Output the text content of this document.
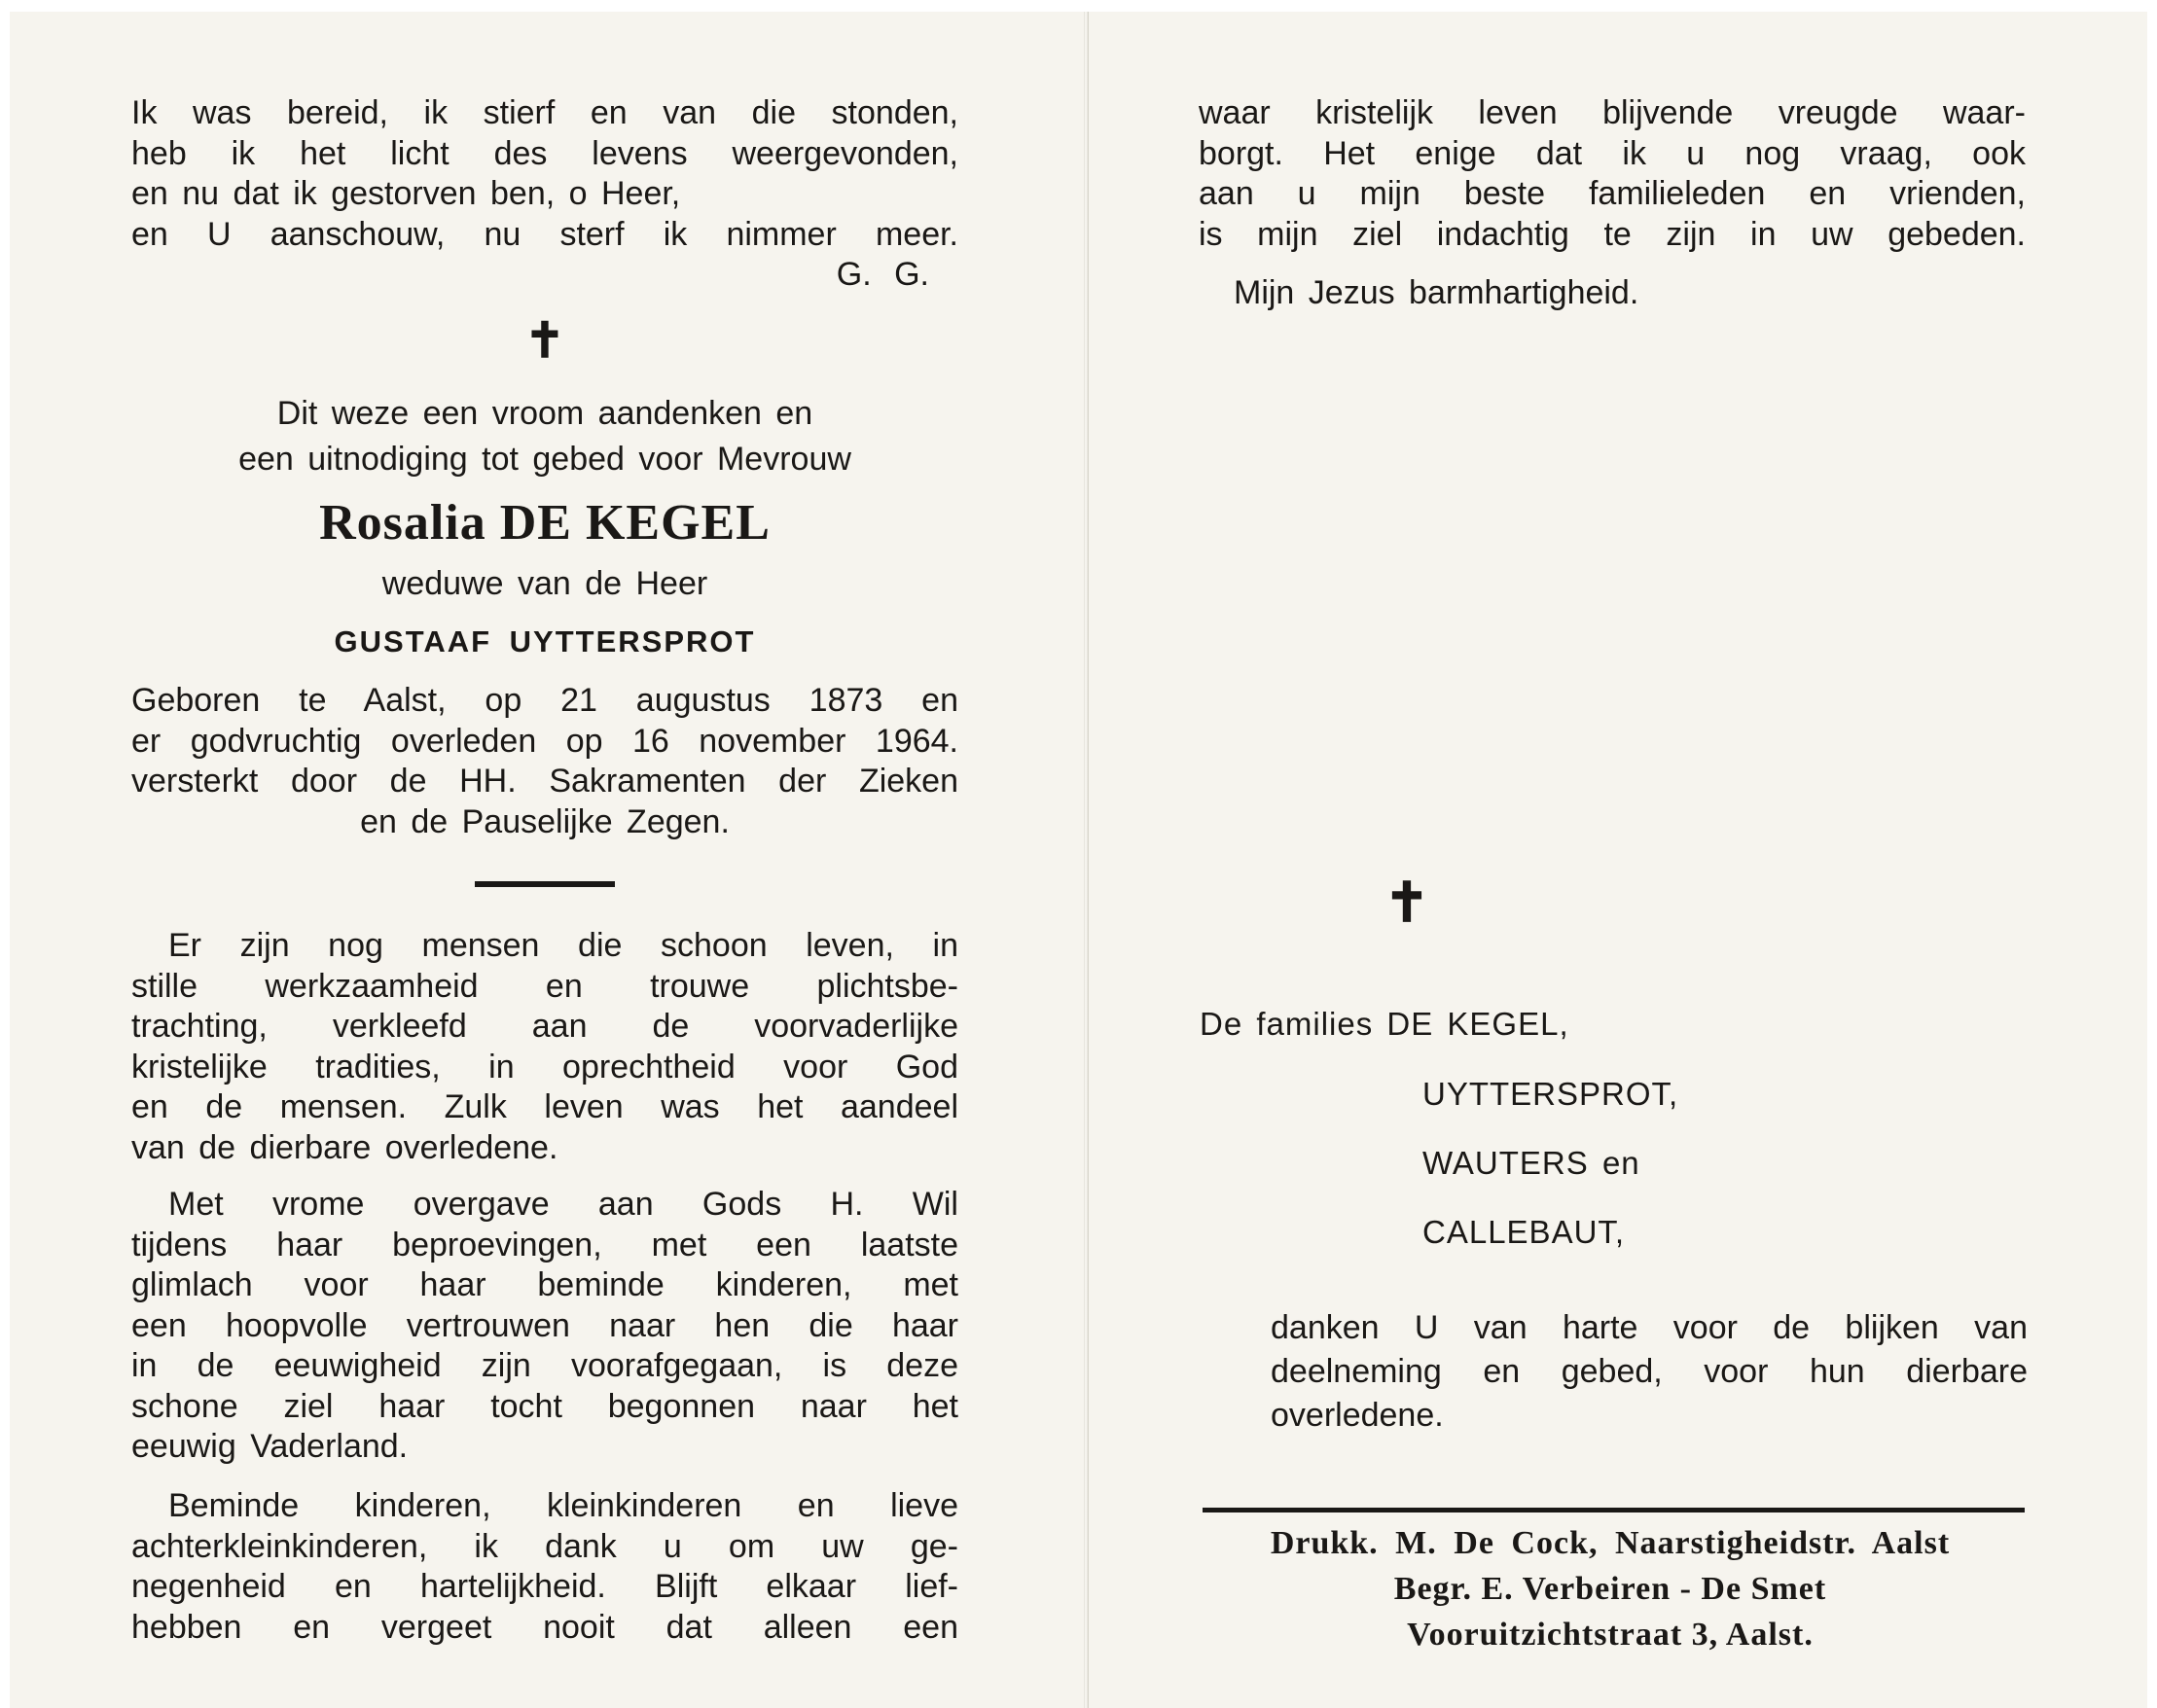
Ik was bereid, ik stierf en van die stonden,
heb ik het licht des levens weergevonden,
en nu dat ik gestorven ben, o Heer,
en U aanschouw, nu sterf ik nimmer meer.
G. G.
✝
Dit weze een vroom aandenken en
een uitnodiging tot gebed voor Mevrouw
Rosalia DE KEGEL
weduwe van de Heer
GUSTAAF UYTTERSPROT
Geboren te Aalst, op 21 augustus 1873 en
er godvruchtig overleden op 16 november 1964.
versterkt door de HH. Sakramenten der Zieken
en de Pauselijke Zegen.
Er zijn nog mensen die schoon leven, in
stille werkzaamheid en trouwe plichtsbe-
trachting, verkleefd aan de voorvaderlijke
kristelijke tradities, in oprechtheid voor God
en de mensen. Zulk leven was het aandeel
van de dierbare overledene.
Met vrome overgave aan Gods H. Wil
tijdens haar beproevingen, met een laatste
glimlach voor haar beminde kinderen, met
een hoopvolle vertrouwen naar hen die haar
in de eeuwigheid zijn voorafgegaan, is deze
schone ziel haar tocht begonnen naar het
eeuwig Vaderland.
Beminde kinderen, kleinkinderen en lieve
achterkleinkinderen, ik dank u om uw ge-
negenheid en hartelijkheid. Blijft elkaar lief-
hebben en vergeet nooit dat alleen een
waar kristelijk leven blijvende vreugde waar-
borgt. Het enige dat ik u nog vraag, ook
aan u mijn beste familieleden en vrienden,
is mijn ziel indachtig te zijn in uw gebeden.
Mijn Jezus barmhartigheid.
✝
De families DE KEGEL,
UYTTERSPROT,
WAUTERS en
CALLEBAUT,
danken U van harte voor de blijken van
deelneming en gebed, voor hun dierbare
overledene.
Drukk. M. De Cock, Naarstigheidstr. Aalst
Begr. E. Verbeiren - De Smet
Vooruitzichtstraat 3, Aalst.
